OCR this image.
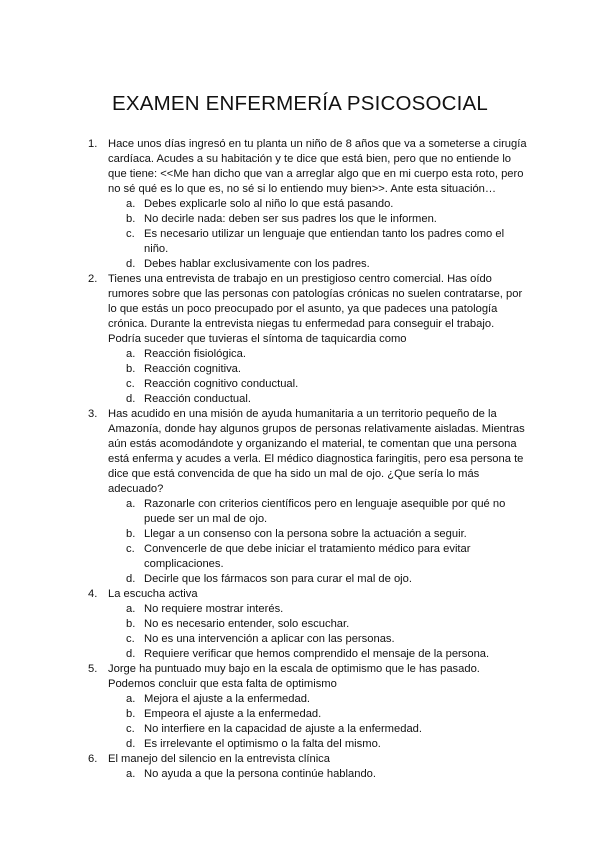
EXAMEN ENFERMERÍA PSICOSOCIAL
1. Hace unos días ingresó en tu planta un niño de 8 años que va a someterse a cirugía cardíaca. Acudes a su habitación y te dice que está bien, pero que no entiende lo que tiene: <<Me han dicho que van a arreglar algo que en mi cuerpo esta roto, pero no sé qué es lo que es, no sé si lo entiendo muy bien>>. Ante esta situación…
a. Debes explicarle solo al niño lo que está pasando.
b. No decirle nada: deben ser sus padres los que le informen.
c. Es necesario utilizar un lenguaje que entiendan tanto los padres como el niño.
d. Debes hablar exclusivamente con los padres.
2. Tienes una entrevista de trabajo en un prestigioso centro comercial. Has oído rumores sobre que las personas con patologías crónicas no suelen contratarse, por lo que estás un poco preocupado por el asunto, ya que padeces una patología crónica. Durante la entrevista niegas tu enfermedad para conseguir el trabajo. Podría suceder que tuvieras el síntoma de taquicardia como
a. Reacción fisiológica.
b. Reacción cognitiva.
c. Reacción cognitivo conductual.
d. Reacción conductual.
3. Has acudido en una misión de ayuda humanitaria a un territorio pequeño de la Amazonía, donde hay algunos grupos de personas relativamente aisladas. Mientras aún estás acomodándote y organizando el material, te comentan que una persona está enferma y acudes a verla. El médico diagnostica faringitis, pero esa persona te dice que está convencida de que ha sido un mal de ojo. ¿Que sería lo más adecuado?
a. Razonarle con criterios científicos pero en lenguaje asequible por qué no puede ser un mal de ojo.
b. Llegar a un consenso con la persona sobre la actuación a seguir.
c. Convencerle de que debe iniciar el tratamiento médico para evitar complicaciones.
d. Decirle que los fármacos son para curar el mal de ojo.
4. La escucha activa
a. No requiere mostrar interés.
b. No es necesario entender, solo escuchar.
c. No es una intervención a aplicar con las personas.
d. Requiere verificar que hemos comprendido el mensaje de la persona.
5. Jorge ha puntuado muy bajo en la escala de optimismo que le has pasado. Podemos concluir que esta falta de optimismo
a. Mejora el ajuste a la enfermedad.
b. Empeora el ajuste a la enfermedad.
c. No interfiere en la capacidad de ajuste a la enfermedad.
d. Es irrelevante el optimismo o la falta del mismo.
6. El manejo del silencio en la entrevista clínica
a. No ayuda a que la persona continúe hablando.
